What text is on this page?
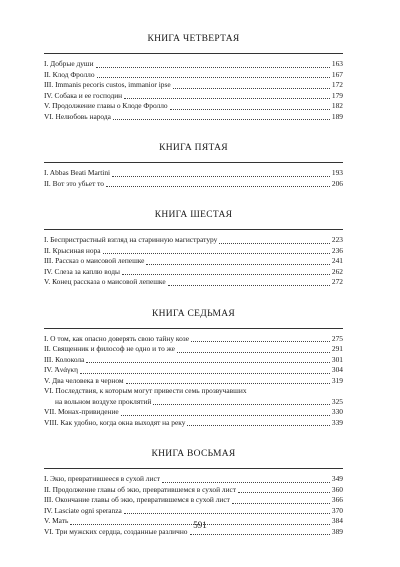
КНИГА ЧЕТВЕРТАЯ
I. Добрые души	163
II. Клод Фролло	167
III. Immanis pecoris custos, immanior ipse	172
IV. Собака и ее господин	179
V. Продолжение главы о Клоде Фролло	182
VI. Нелюбовь народа	189
КНИГА ПЯТАЯ
I. Abbas Beati Martini	193
II. Вот это убьет то	206
КНИГА ШЕСТАЯ
I. Беспристрастный взгляд на старинную магистратуру	223
II. Крысиная нора	236
III. Рассказ о маисовой лепешке	241
IV. Слеза за каплю воды	262
V. Конец рассказа о маисовой лепешке	272
КНИГА СЕДЬМАЯ
I. О том, как опасно доверять свою тайну козе	275
II. Священник и философ не одно и то же	291
III. Колокола	301
IV. Ἀνάγκη	304
V. Два человека в черном	319
VI. Последствия, к которым могут привести семь прозвучавших
на вольном воздухе проклятий	325
VII. Монах-привидение	330
VIII. Как удобно, когда окна выходят на реку	339
КНИГА ВОСЬМАЯ
I. Экю, превратившееся в сухой лист	349
II. Продолжение главы об экю, превратившемся в сухой лист	360
III. Окончание главы об экю, превратившемся в сухой лист	366
IV. Lasciate ogni speranza	370
V. Мать	384
VI. Три мужских сердца, созданные различно	389
591
